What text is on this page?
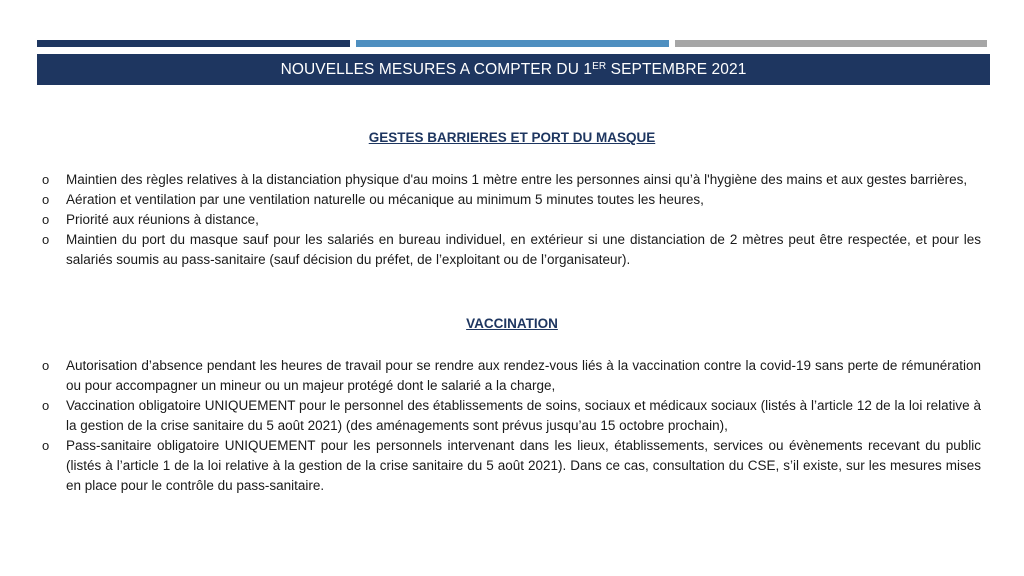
NOUVELLES MESURES A COMPTER DU 1ER SEPTEMBRE 2021
GESTES BARRIERES ET PORT DU MASQUE
o Maintien des règles relatives à la distanciation physique d'au moins 1 mètre entre les personnes ainsi qu’à l'hygiène des mains et aux gestes barrières,
o Aération et ventilation par une ventilation naturelle ou mécanique au minimum 5 minutes toutes les heures,
o Priorité aux réunions à distance,
o Maintien du port du masque sauf pour les salariés en bureau individuel, en extérieur si une distanciation de 2 mètres peut être respectée, et pour les salariés soumis au pass-sanitaire (sauf décision du préfet, de l’exploitant ou de l’organisateur).
VACCINATION
o Autorisation d’absence pendant les heures de travail pour se rendre aux rendez-vous liés à la vaccination contre la covid-19 sans perte de rémunération ou pour accompagner un mineur ou un majeur protégé dont le salarié a la charge,
o Vaccination obligatoire UNIQUEMENT pour le personnel des établissements de soins, sociaux et médicaux sociaux (listés à l’article 12 de la loi relative à la gestion de la crise sanitaire du 5 août 2021) (des aménagements sont prévus jusqu’au 15 octobre prochain),
o Pass-sanitaire obligatoire UNIQUEMENT pour les personnels intervenant dans les lieux, établissements, services ou évènements recevant du public (listés à l’article 1 de la loi relative à la gestion de la crise sanitaire du 5 août 2021). Dans ce cas, consultation du CSE, s’il existe, sur les mesures mises en place pour le contrôle du pass-sanitaire.
